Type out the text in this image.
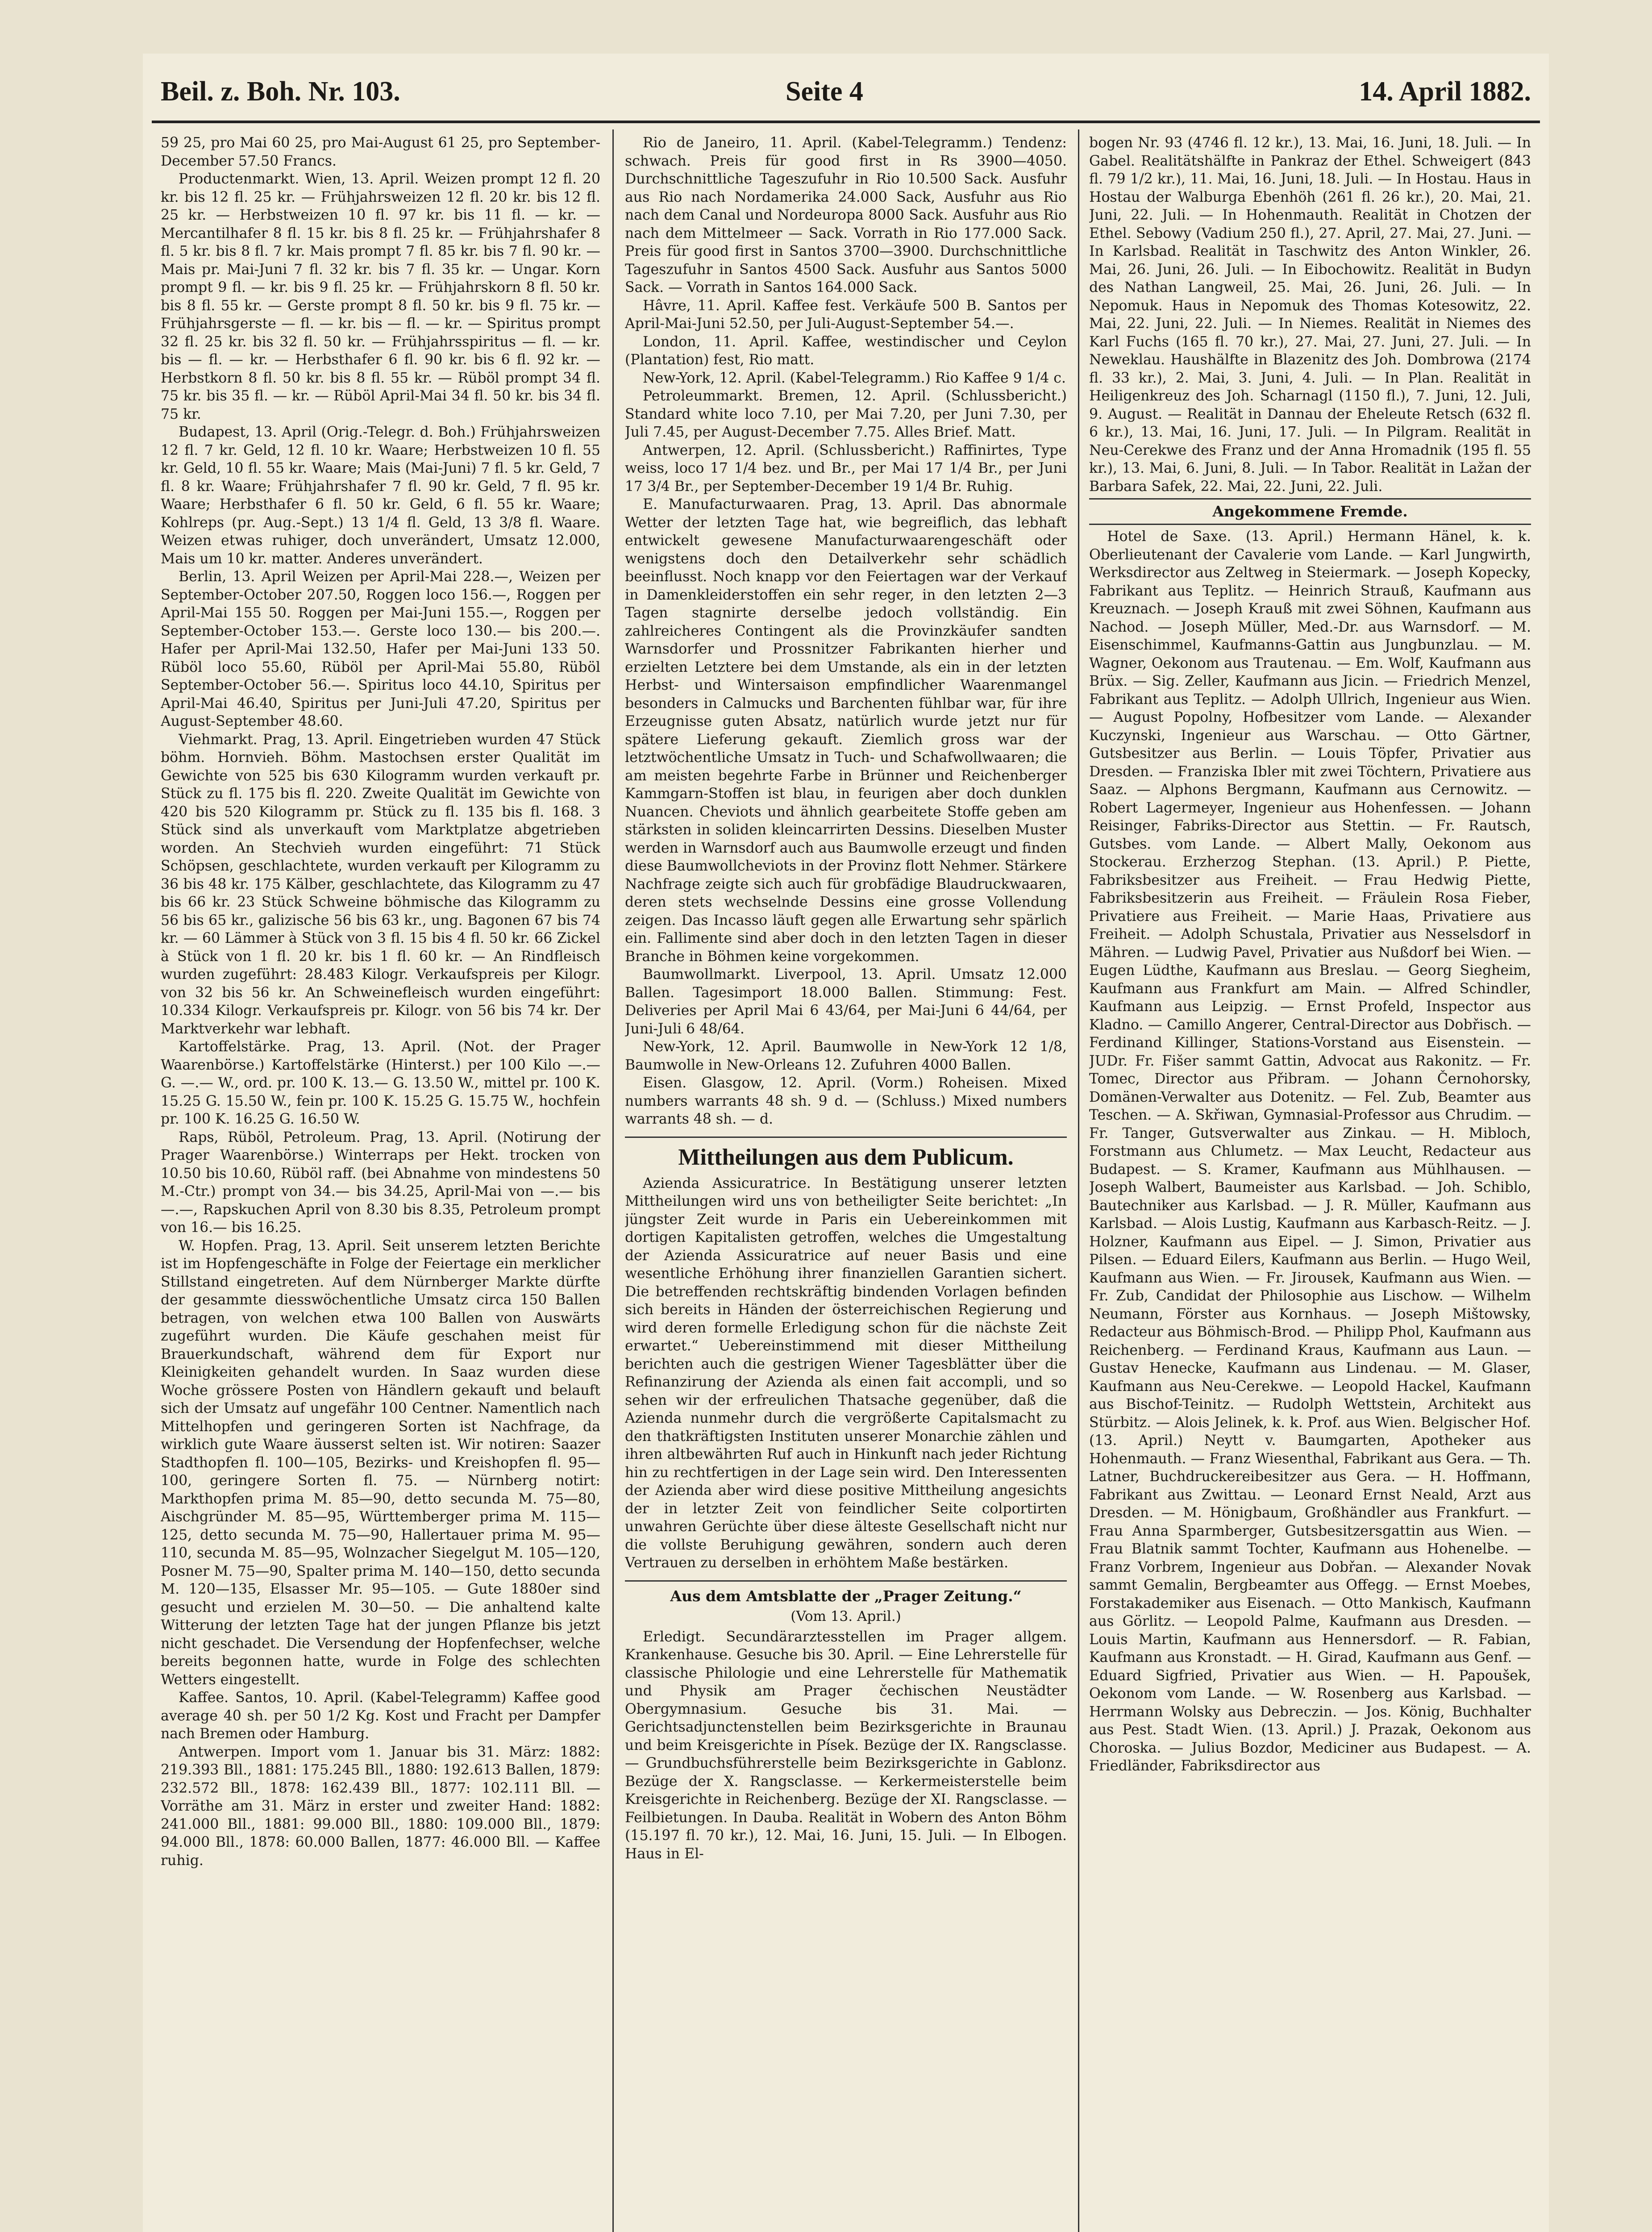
Beil. z. Boh. Nr. 103.	Seite 4	14. April 1882.

59 25, pro Mai 60 25, pro Mai-August 61 25, pro September- December 57.50 Francs.

Productenmarkt. Wien, 13. April. Weizen prompt 12 fl. 20 kr. bis 12 fl. 25 kr. — Frühjahrsweizen 12 fl. 20 kr. bis 12 fl. 25 kr. — Herbstweizen 10 fl. 97 kr. bis 11 fl. — kr. — Mercantilhafer 8 fl. 15 kr. bis 8 fl. 25 kr. — Frühjahrshafer 8 fl. 5 kr. bis 8 fl. 7 kr. Mais prompt 7 fl. 85 kr. bis 7 fl. 90 kr. — Mais pr. Mai-Juni 7 fl. 32 kr. bis 7 fl. 35 kr. — Ungar. Korn prompt 9 fl. — kr. bis 9 fl. 25 kr. — Frühjahrskorn 8 fl. 50 kr. bis 8 fl. 55 kr. — Gerste prompt 8 fl. 50 kr. bis 9 fl. 75 kr. — Frühjahrsgerste — fl. — kr. bis — fl. — kr. — Spiritus prompt 32 fl. 25 kr. bis 32 fl. 50 kr. — Frühjahrsspiritus — fl. — kr. bis — fl. — kr. — Herbsthafer 6 fl. 90 kr. bis 6 fl. 92 kr. — Herbstkorn 8 fl. 50 kr. bis 8 fl. 55 kr. — Rüböl prompt 34 fl. 75 kr. bis 35 fl. — kr. — Rüböl April-Mai 34 fl. 50 kr. bis 34 fl. 75 kr.

Budapest, 13. April (Orig.-Telegr. d. Boh.) Frühjahrsweizen 12 fl. 7 kr. Geld, 12 fl. 10 kr. Waare; Herbstweizen 10 fl. 55 kr. Geld, 10 fl. 55 kr. Waare; Mais (Mai-Juni) 7 fl. 5 kr. Geld, 7 fl. 8 kr. Waare; Frühjahrshafer 7 fl. 90 kr. Geld, 7 fl. 95 kr. Waare; Herbsthafer 6 fl. 50 kr. Geld, 6 fl. 55 kr. Waare; Kohlreps (pr. Aug.-Sept.) 13 1/4 fl. Geld, 13 3/8 fl. Waare. Weizen etwas ruhiger, doch unverändert, Umsatz 12.000, Mais um 10 kr. matter. Anderes unverändert.

Berlin, 13. April Weizen per April-Mai 228.—, Weizen per September-October 207.50, Roggen loco 156.—, Roggen per April-Mai 155 50. Roggen per Mai-Juni 155.—, Roggen per September-October 153.—. Gerste loco 130.— bis 200.—. Hafer per April-Mai 132.50, Hafer per Mai-Juni 133 50. Rüböl loco 55.60, Rüböl per April-Mai 55.80, Rüböl September-October 56.—. Spiritus loco 44.10, Spiritus per April-Mai 46.40, Spiritus per Juni-Juli 47.20, Spiritus per August-September 48.60.

Viehmarkt. Prag, 13. April. Eingetrieben wurden 47 Stück böhm. Hornvieh. Böhm. Mastochsen erster Qualität im Gewichte von 525 bis 630 Kilogramm wurden verkauft pr. Stück zu fl. 175 bis fl. 220. Zweite Qualität im Gewichte von 420 bis 520 Kilogramm pr. Stück zu fl. 135 bis fl. 168. 3 Stück sind als unverkauft vom Marktplatze abgetrieben worden. An Stechvieh wurden eingeführt: 71 Stück Schöpsen, geschlachtete, wurden verkauft per Kilogramm zu 36 bis 48 kr. 175 Kälber, geschlachtete, das Kilogramm zu 47 bis 66 kr. 23 Stück Schweine böhmische das Kilogramm zu 56 bis 65 kr., galizische 56 bis 63 kr., ung. Bagonen 67 bis 74 kr. — 60 Lämmer à Stück von 3 fl. 15 bis 4 fl. 50 kr. 66 Zickel à Stück von 1 fl. 20 kr. bis 1 fl. 60 kr. — An Rindfleisch wurden zugeführt: 28.483 Kilogr. Verkaufspreis per Kilogr. von 32 bis 56 kr. An Schweinefleisch wurden eingeführt: 10.334 Kilogr. Verkaufspreis pr. Kilogr. von 56 bis 74 kr. Der Marktverkehr war lebhaft.

Kartoffelstärke. Prag, 13. April. (Not. der Prager Waarenbörse.) Kartoffelstärke (Hinterst.) per 100 Kilo —.— G. —.— W., ord. pr. 100 K. 13.— G. 13.50 W., mittel pr. 100 K. 15.25 G. 15.50 W., fein pr. 100 K. 15.25 G. 15.75 W., hochfein pr. 100 K. 16.25 G. 16.50 W.

Raps, Rüböl, Petroleum. Prag, 13. April. (Notirung der Prager Waarenbörse.) Winterraps per Hekt. trocken von 10.50 bis 10.60, Rüböl raff. (bei Abnahme von mindestens 50 M.-Ctr.) prompt von 34.— bis 34.25, April-Mai von —.— bis —.—, Rapskuchen April von 8.30 bis 8.35, Petroleum prompt von 16.— bis 16.25.

W. Hopfen. Prag, 13. April. Seit unserem letzten Berichte ist im Hopfengeschäfte in Folge der Feiertage ein merklicher Stillstand eingetreten. Auf dem Nürnberger Markte dürfte der gesammte diesswöchentliche Umsatz circa 150 Ballen betragen, von welchen etwa 100 Ballen von Auswärts zugeführt wurden. Die Käufe geschahen meist für Brauerkundschaft, während dem für Export nur Kleinigkeiten gehandelt wurden. In Saaz wurden diese Woche grössere Posten von Händlern gekauft und belauft sich der Umsatz auf ungefähr 100 Centner. Namentlich nach Mittelhopfen und geringeren Sorten ist Nachfrage, da wirklich gute Waare äusserst selten ist. Wir notiren: Saazer Stadthopfen fl. 100—105, Bezirks- und Kreishopfen fl. 95—100, geringere Sorten fl. 75. — Nürnberg notirt: Markthopfen prima M. 85—90, detto secunda M. 75—80, Aischgründer M. 85—95, Württemberger prima M. 115—125, detto secunda M. 75—90, Hallertauer prima M. 95—110, secunda M. 85—95, Wolnzacher Siegelgut M. 105—120, Posner M. 75—90, Spalter prima M. 140—150, detto secunda M. 120—135, Elsasser Mr. 95—105. — Gute 1880er sind gesucht und erzielen M. 30—50. — Die anhaltend kalte Witterung der letzten Tage hat der jungen Pflanze bis jetzt nicht geschadet. Die Versendung der Hopfenfechser, welche bereits begonnen hatte, wurde in Folge des schlechten Wetters eingestellt.

Kaffee. Santos, 10. April. (Kabel-Telegramm) Kaffee good average 40 sh. per 50 1/2 Kg. Kost und Fracht per Dampfer nach Bremen oder Hamburg.

Antwerpen. Import vom 1. Januar bis 31. März: 1882: 219.393 Bll., 1881: 175.245 Bll., 1880: 192.613 Ballen, 1879: 232.572 Bll., 1878: 162.439 Bll., 1877: 102.111 Bll. — Vorräthe am 31. März in erster und zweiter Hand: 1882: 241.000 Bll., 1881: 99.000 Bll., 1880: 109.000 Bll., 1879: 94.000 Bll., 1878: 60.000 Ballen, 1877: 46.000 Bll. — Kaffee ruhig.

Rio de Janeiro, 11. April. (Kabel-Telegramm.) Tendenz: schwach. Preis für good first in Rs 3900—4050. Durchschnittliche Tageszufuhr in Rio 10.500 Sack. Ausfuhr aus Rio nach Nordamerika 24.000 Sack, Ausfuhr aus Rio nach dem Canal und Nordeuropa 8000 Sack. Ausfuhr aus Rio nach dem Mittelmeer — Sack. Vorrath in Rio 177.000 Sack. Preis für good first in Santos 3700—3900. Durchschnittliche Tageszufuhr in Santos 4500 Sack. Ausfuhr aus Santos 5000 Sack. — Vorrath in Santos 164.000 Sack.

Hâvre, 11. April. Kaffee fest. Verkäufe 500 B. Santos per April-Mai-Juni 52.50, per Juli-August-September 54.—.

London, 11. April. Kaffee, westindischer und Ceylon (Plantation) fest, Rio matt.

New-York, 12. April. (Kabel-Telegramm.) Rio Kaffee 9 1/4 c.

Petroleummarkt. Bremen, 12. April. (Schlussbericht.) Standard white loco 7.10, per Mai 7.20, per Juni 7.30, per Juli 7.45, per August-December 7.75. Alles Brief. Matt.

Antwerpen, 12. April. (Schlussbericht.) Raffinirtes, Type weiss, loco 17 1/4 bez. und Br., per Mai 17 1/4 Br., per Juni 17 3/4 Br., per September-December 19 1/4 Br. Ruhig.

E. Manufacturwaaren. Prag, 13. April. Das abnormale Wetter der letzten Tage hat, wie begreiflich, das lebhaft entwickelt gewesene Manufacturwaarengeschäft oder wenigstens doch den Detailverkehr sehr schädlich beeinflusst. Noch knapp vor den Feiertagen war der Verkauf in Damenkleiderstoffen ein sehr reger, in den letzten 2—3 Tagen stagnirte derselbe jedoch vollständig. Ein zahlreicheres Contingent als die Provinzkäufer sandten Warnsdorfer und Prossnitzer Fabrikanten hierher und erzielten Letztere bei dem Umstande, als ein in der letzten Herbst- und Wintersaison empfindlicher Waarenmangel besonders in Calmucks und Barchenten fühlbar war, für ihre Erzeugnisse guten Absatz, natürlich wurde jetzt nur für spätere Lieferung gekauft. Ziemlich gross war der letztwöchentliche Umsatz in Tuch- und Schafwollwaaren; die am meisten begehrte Farbe in Brünner und Reichenberger Kammgarn-Stoffen ist blau, in feurigen aber doch dunklen Nuancen. Cheviots und ähnlich gearbeitete Stoffe geben am stärksten in soliden kleincarrirten Dessins. Dieselben Muster werden in Warnsdorf auch aus Baumwolle erzeugt und finden diese Baumwollcheviots in der Provinz flott Nehmer. Stärkere Nachfrage zeigte sich auch für grobfädige Blaudruckwaaren, deren stets wechselnde Dessins eine grosse Vollendung zeigen. Das Incasso läuft gegen alle Erwartung sehr spärlich ein. Fallimente sind aber doch in den letzten Tagen in dieser Branche in Böhmen keine vorgekommen.

Baumwollmarkt. Liverpool, 13. April. Umsatz 12.000 Ballen. Tagesimport 18.000 Ballen. Stimmung: Fest. Deliveries per April Mai 6 43/64, per Mai-Juni 6 44/64, per Juni-Juli 6 48/64.

New-York, 12. April. Baumwolle in New-York 12 1/8, Baumwolle in New-Orleans 12. Zufuhren 4000 Ballen.

Eisen. Glasgow, 12. April. (Vorm.) Roheisen. Mixed numbers warrants 48 sh. 9 d. — (Schluss.) Mixed numbers warrants 48 sh. — d.

Mittheilungen aus dem Publicum.

Azienda Assicuratrice. In Bestätigung unserer letzten Mittheilungen wird uns von betheiligter Seite berichtet: „In jüngster Zeit wurde in Paris ein Uebereinkommen mit dortigen Kapitalisten getroffen, welches die Umgestaltung der Azienda Assicuratrice auf neuer Basis und eine wesentliche Erhöhung ihrer finanziellen Garantien sichert. Die betreffenden rechtskräftig bindenden Vorlagen befinden sich bereits in Händen der österreichischen Regierung und wird deren formelle Erledigung schon für die nächste Zeit erwartet.“ Uebereinstimmend mit dieser Mittheilung berichten auch die gestrigen Wiener Tagesblätter über die Refinanzirung der Azienda als einen fait accompli, und so sehen wir der erfreulichen Thatsache gegenüber, daß die Azienda nunmehr durch die vergrößerte Capitalsmacht zu den thatkräftigsten Instituten unserer Monarchie zählen und ihren altbewährten Ruf auch in Hinkunft nach jeder Richtung hin zu rechtfertigen in der Lage sein wird. Den Interessenten der Azienda aber wird diese positive Mittheilung angesichts der in letzter Zeit von feindlicher Seite colportirten unwahren Gerüchte über diese älteste Gesellschaft nicht nur die vollste Beruhigung gewähren, sondern auch deren Vertrauen zu derselben in erhöhtem Maße bestärken.

Aus dem Amtsblatte der „Prager Zeitung.“
(Vom 13. April.)

Erledigt. Secundärarztesstellen im Prager allgem. Krankenhause. Gesuche bis 30. April. — Eine Lehrerstelle für classische Philologie und eine Lehrerstelle für Mathematik und Physik am Prager čechischen Neustädter Obergymnasium. Gesuche bis 31. Mai. — Gerichtsadjunctenstellen beim Bezirksgerichte in Braunau und beim Kreisgerichte in Písek. Bezüge der IX. Rangsclasse. — Grundbuchsführerstelle beim Bezirksgerichte in Gablonz. Bezüge der X. Rangsclasse. — Kerkermeisterstelle beim Kreisgerichte in Reichenberg. Bezüge der XI. Rangsclasse. — Feilbietungen. In Dauba. Realität in Wobern des Anton Böhm (15.197 fl. 70 kr.), 12. Mai, 16. Juni, 15. Juli. — In Elbogen. Haus in El-

bogen Nr. 93 (4746 fl. 12 kr.), 13. Mai, 16. Juni, 18. Juli. — In Gabel. Realitätshälfte in Pankraz der Ethel. Schweigert (843 fl. 79 1/2 kr.), 11. Mai, 16. Juni, 18. Juli. — In Hostau. Haus in Hostau der Walburga Ebenhöh (261 fl. 26 kr.), 20. Mai, 21. Juni, 22. Juli. — In Hohenmauth. Realität in Chotzen der Ethel. Sebowy (Vadium 250 fl.), 27. April, 27. Mai, 27. Juni. — In Karlsbad. Realität in Taschwitz des Anton Winkler, 26. Mai, 26. Juni, 26. Juli. — In Eibochowitz. Realität in Budyn des Nathan Langweil, 25. Mai, 26. Juni, 26. Juli. — In Nepomuk. Haus in Nepomuk des Thomas Kotesowitz, 22. Mai, 22. Juni, 22. Juli. — In Niemes. Realität in Niemes des Karl Fuchs (165 fl. 70 kr.), 27. Mai, 27. Juni, 27. Juli. — In Neweklau. Haushälfte in Blazenitz des Joh. Dombrowa (2174 fl. 33 kr.), 2. Mai, 3. Juni, 4. Juli. — In Plan. Realität in Heiligenkreuz des Joh. Scharnagl (1150 fl.), 7. Juni, 12. Juli, 9. August. — Realität in Dannau der Eheleute Retsch (632 fl. 6 kr.), 13. Mai, 16. Juni, 17. Juli. — In Pilgram. Realität in Neu-Cerekwe des Franz und der Anna Hromadnik (195 fl. 55 kr.), 13. Mai, 6. Juni, 8. Juli. — In Tabor. Realität in Lažan der Barbara Safek, 22. Mai, 22. Juni, 22. Juli.

Angekommene Fremde.

Hotel de Saxe. (13. April.) Hermann Hänel, k. k. Oberlieutenant der Cavalerie vom Lande. — Karl Jungwirth, Werksdirector aus Zeltweg in Steiermark. — Joseph Kopecky, Fabrikant aus Teplitz. — Heinrich Strauß, Kaufmann aus Kreuznach. — Joseph Krauß mit zwei Söhnen, Kaufmann aus Nachod. — Joseph Müller, Med.-Dr. aus Warnsdorf. — M. Eisenschimmel, Kaufmanns-Gattin aus Jungbunzlau. — M. Wagner, Oekonom aus Trautenau. — Em. Wolf, Kaufmann aus Brüx. — Sig. Zeller, Kaufmann aus Jicin. — Friedrich Menzel, Fabrikant aus Teplitz. — Adolph Ullrich, Ingenieur aus Wien. — August Popolny, Hofbesitzer vom Lande. — Alexander Kuczynski, Ingenieur aus Warschau. — Otto Gärtner, Gutsbesitzer aus Berlin. — Louis Töpfer, Privatier aus Dresden. — Franziska Ibler mit zwei Töchtern, Privatiere aus Saaz. — Alphons Bergmann, Kaufmann aus Cernowitz. — Robert Lagermeyer, Ingenieur aus Hohenfessen. — Johann Reisinger, Fabriks-Director aus Stettin. — Fr. Rautsch, Gutsbes. vom Lande. — Albert Mally, Oekonom aus Stockerau. Erzherzog Stephan. (13. April.) P. Piette, Fabriksbesitzer aus Freiheit. — Frau Hedwig Piette, Fabriksbesitzerin aus Freiheit. — Fräulein Rosa Fieber, Privatiere aus Freiheit. — Marie Haas, Privatiere aus Freiheit. — Adolph Schustala, Privatier aus Nesselsdorf in Mähren. — Ludwig Pavel, Privatier aus Nußdorf bei Wien. — Eugen Lüdthe, Kaufmann aus Breslau. — Georg Siegheim, Kaufmann aus Frankfurt am Main. — Alfred Schindler, Kaufmann aus Leipzig. — Ernst Profeld, Inspector aus Kladno. — Camillo Angerer, Central-Director aus Dobřisch. — Ferdinand Killinger, Stations-Vorstand aus Eisenstein. — JUDr. Fr. Fišer sammt Gattin, Advocat aus Rakonitz. — Fr. Tomec, Director aus Přibram. — Johann Černohorsky, Domänen-Verwalter aus Dotenitz. — Fel. Zub, Beamter aus Teschen. — A. Skřiwan, Gymnasial-Professor aus Chrudim. — Fr. Tanger, Gutsverwalter aus Zinkau. — H. Mibloch, Forstmann aus Chlumetz. — Max Leucht, Redacteur aus Budapest. — S. Kramer, Kaufmann aus Mühlhausen. — Joseph Walbert, Baumeister aus Karlsbad. — Joh. Schiblo, Bautechniker aus Karlsbad. — J. R. Müller, Kaufmann aus Karlsbad. — Alois Lustig, Kaufmann aus Karbasch-Reitz. — J. Holzner, Kaufmann aus Eipel. — J. Simon, Privatier aus Pilsen. — Eduard Eilers, Kaufmann aus Berlin. — Hugo Weil, Kaufmann aus Wien. — Fr. Jirousek, Kaufmann aus Wien. — Fr. Zub, Candidat der Philosophie aus Lischow. — Wilhelm Neumann, Förster aus Kornhaus. — Joseph Mištowsky, Redacteur aus Böhmisch-Brod. — Philipp Phol, Kaufmann aus Reichenberg. — Ferdinand Kraus, Kaufmann aus Laun. — Gustav Henecke, Kaufmann aus Lindenau. — M. Glaser, Kaufmann aus Neu-Cerekwe. — Leopold Hackel, Kaufmann aus Bischof-Teinitz. — Rudolph Wettstein, Architekt aus Stürbitz. — Alois Jelinek, k. k. Prof. aus Wien. Belgischer Hof. (13. April.) Neytt v. Baumgarten, Apotheker aus Hohenmauth. — Franz Wiesenthal, Fabrikant aus Gera. — Th. Latner, Buchdruckereibesitzer aus Gera. — H. Hoffmann, Fabrikant aus Zwittau. — Leonard Ernst Neald, Arzt aus Dresden. — M. Hönigbaum, Großhändler aus Frankfurt. — Frau Anna Sparmberger, Gutsbesitzersgattin aus Wien. — Frau Blatnik sammt Tochter, Kaufmann aus Hohenelbe. — Franz Vorbrem, Ingenieur aus Dobřan. — Alexander Novak sammt Gemalin, Bergbeamter aus Offegg. — Ernst Moebes, Forstakademiker aus Eisenach. — Otto Mankisch, Kaufmann aus Görlitz. — Leopold Palme, Kaufmann aus Dresden. — Louis Martin, Kaufmann aus Hennersdorf. — R. Fabian, Kaufmann aus Kronstadt. — H. Girad, Kaufmann aus Genf. — Eduard Sigfried, Privatier aus Wien. — H. Papoušek, Oekonom vom Lande. — W. Rosenberg aus Karlsbad. — Herrmann Wolsky aus Debreczin. — Jos. König, Buchhalter aus Pest. Stadt Wien. (13. April.) J. Prazak, Oekonom aus Choroska. — Julius Bozdor, Mediciner aus Budapest. — A. Friedländer, Fabriksdirector aus
